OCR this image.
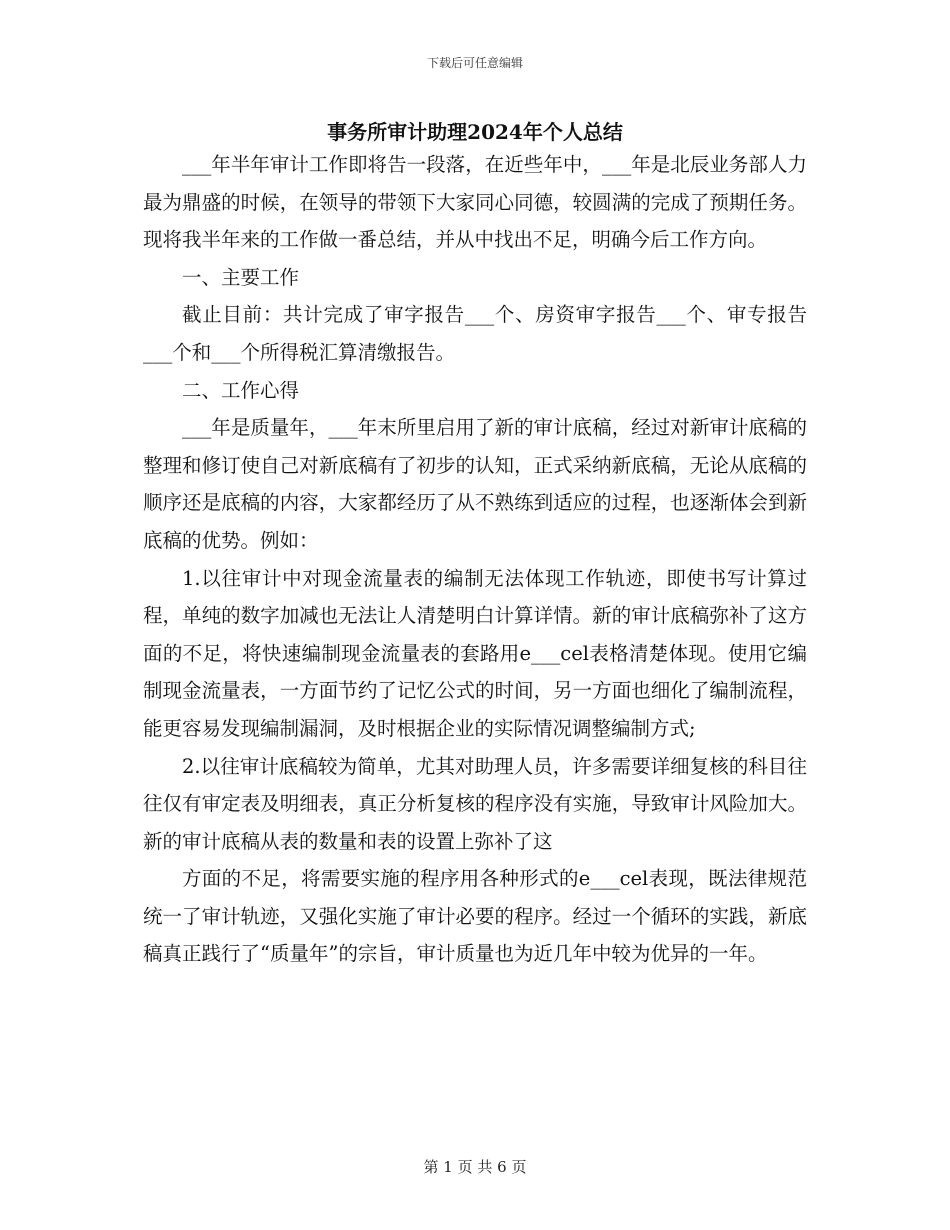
下载后可任意编辑
事务所审计助理2024年个人总结

___年半年审计工作即将告一段落，在近些年中，___年是北辰业务部人力最为鼎盛的时候，在领导的带领下大家同心同德，较圆满的完成了预期任务。现将我半年来的工作做一番总结，并从中找出不足，明确今后工作方向。

一、主要工作

截止目前：共计完成了审字报告___个、房资审字报告___个、审专报告___个和___个所得税汇算清缴报告。

二、工作心得

___年是质量年，___年末所里启用了新的审计底稿，经过对新审计底稿的整理和修订使自己对新底稿有了初步的认知，正式采纳新底稿，无论从底稿的顺序还是底稿的内容，大家都经历了从不熟练到适应的过程，也逐渐体会到新底稿的优势。例如：

1.以往审计中对现金流量表的编制无法体现工作轨迹，即使书写计算过程，单纯的数字加减也无法让人清楚明白计算详情。新的审计底稿弥补了这方面的不足，将快速编制现金流量表的套路用e___cel表格清楚体现。使用它编制现金流量表，一方面节约了记忆公式的时间，另一方面也细化了编制流程，能更容易发现编制漏洞，及时根据企业的实际情况调整编制方式;

2.以往审计底稿较为简单，尤其对助理人员，许多需要详细复核的科目往往仅有审定表及明细表，真正分析复核的程序没有实施，导致审计风险加大。新的审计底稿从表的数量和表的设置上弥补了这

方面的不足，将需要实施的程序用各种形式的e___cel表现，既法律规范统一了审计轨迹，又强化实施了审计必要的程序。经过一个循环的实践，新底稿真正践行了“质量年”的宗旨，审计质量也为近几年中较为优异的一年。

第 1 页 共 6 页
